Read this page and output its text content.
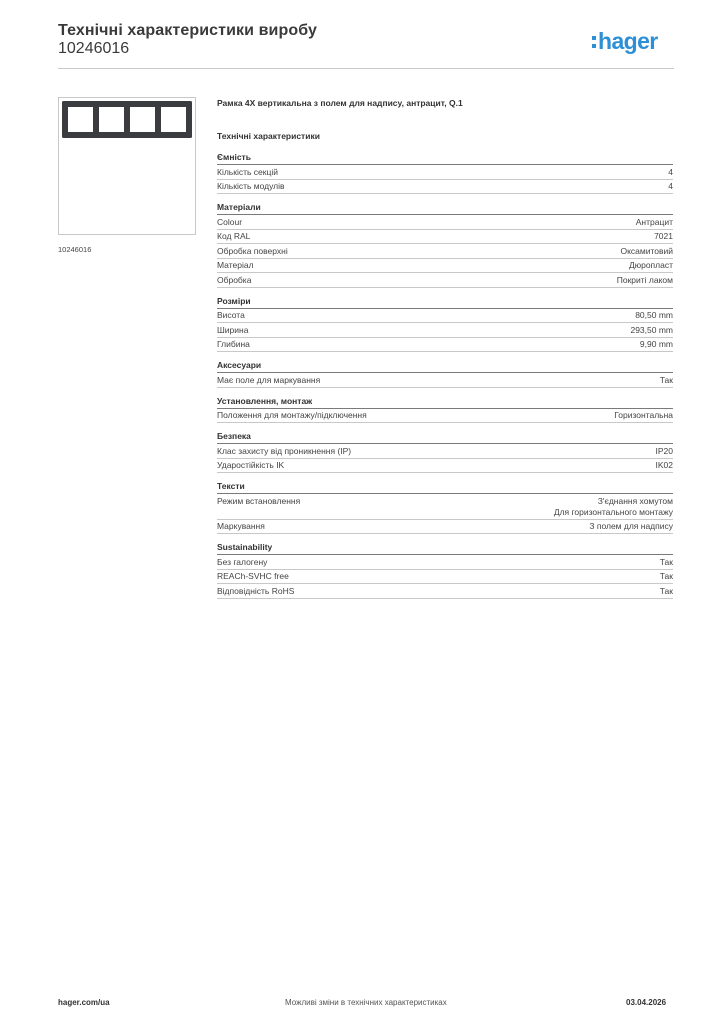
Технічні характеристики виробу
10246016	hager
10246016
Рамка 4X вертикальна з полем для надпису, антрацит, Q.1
Технічні характеристики
Ємність
Кількість секцій	4
Кількість модулів	4
Матеріали
Colour	Антрацит
Код RAL	7021
Обробка поверхні	Оксамитовий
Матеріал	Дюропласт
Обробка	Покриті лаком
Розміри
Висота	80,50 mm
Ширина	293,50 mm
Глибина	9,90 mm
Аксесуари
Має поле для маркування	Так
Установлення, монтаж
Положення для монтажу/підключення	Горизонтальна
Безпека
Клас захисту від проникнення (IP)	IP20
Ударостійкість IK	IK02
Тексти
Режим встановлення	З'єднання хомутом
Для горизонтального монтажу
Маркування	З полем для надпису
Sustainability
Без галогену	Так
REACh-SVHC free	Так
Відповідність RoHS	Так
hager.com/ua	Можливі зміни в технічних характеристиках	03.04.2026
